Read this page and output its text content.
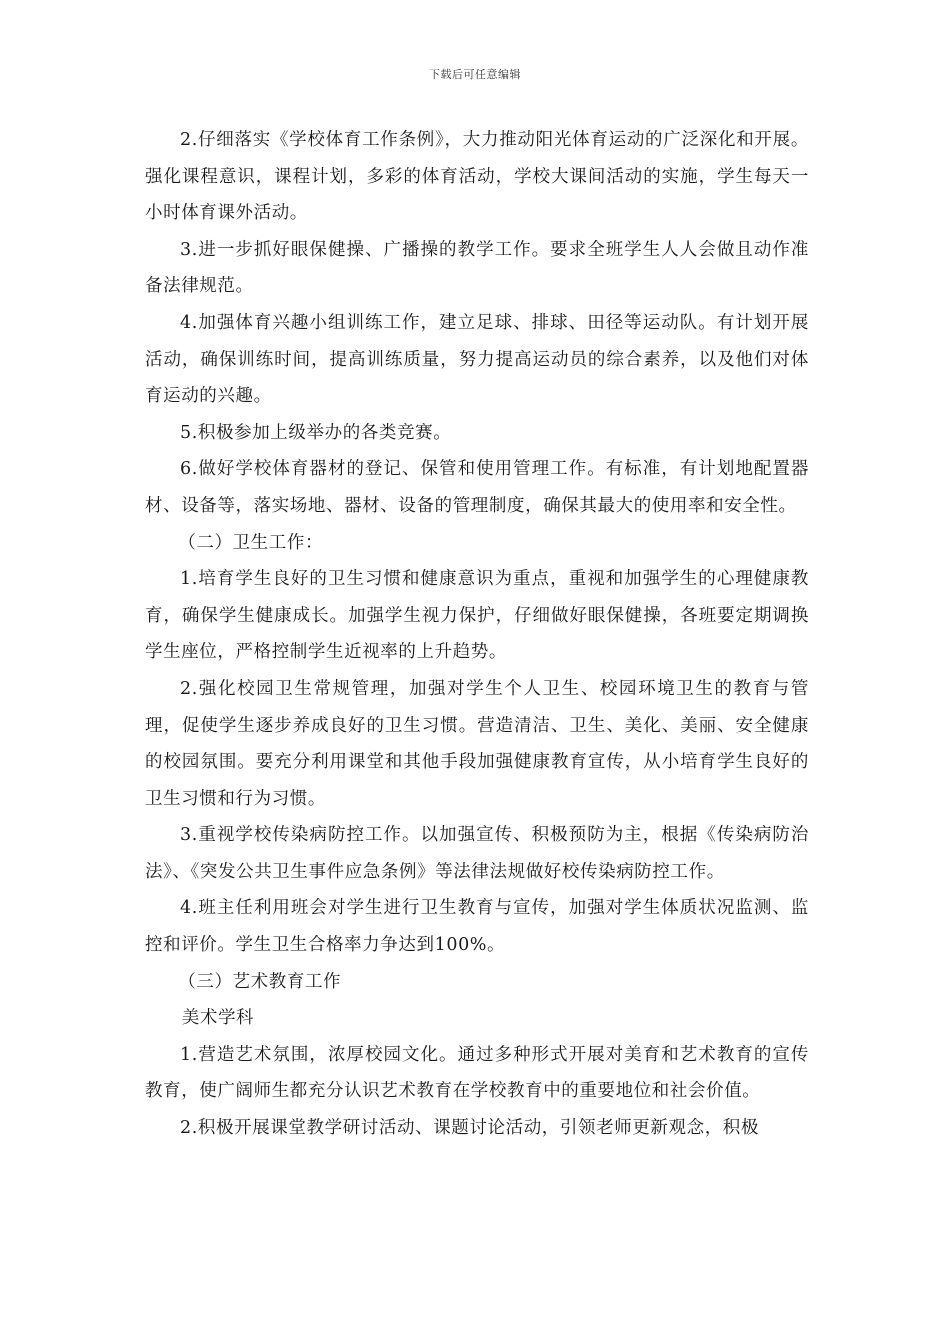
下载后可任意编辑

2.仔细落实《学校体育工作条例》，大力推动阳光体育运动的广泛深化和开展。强化课程意识，课程计划，多彩的体育活动，学校大课间活动的实施，学生每天一小时体育课外活动。

3.进一步抓好眼保健操、广播操的教学工作。要求全班学生人人会做且动作准备法律规范。

4.加强体育兴趣小组训练工作，建立足球、排球、田径等运动队。有计划开展活动，确保训练时间，提高训练质量，努力提高运动员的综合素养，以及他们对体育运动的兴趣。

5.积极参加上级举办的各类竞赛。

6.做好学校体育器材的登记、保管和使用管理工作。有标准，有计划地配置器材、设备等，落实场地、器材、设备的管理制度，确保其最大的使用率和安全性。

（二）卫生工作：

1.培育学生良好的卫生习惯和健康意识为重点，重视和加强学生的心理健康教育，确保学生健康成长。加强学生视力保护，仔细做好眼保健操，各班要定期调换学生座位，严格控制学生近视率的上升趋势。

2.强化校园卫生常规管理，加强对学生个人卫生、校园环境卫生的教育与管理，促使学生逐步养成良好的卫生习惯。营造清洁、卫生、美化、美丽、安全健康的校园氛围。要充分利用课堂和其他手段加强健康教育宣传，从小培育学生良好的卫生习惯和行为习惯。

3.重视学校传染病防控工作。以加强宣传、积极预防为主，根据《传染病防治法》、《突发公共卫生事件应急条例》等法律法规做好校传染病防控工作。

4.班主任利用班会对学生进行卫生教育与宣传，加强对学生体质状况监测、监控和评价。学生卫生合格率力争达到100%。

（三）艺术教育工作

美术学科

1.营造艺术氛围，浓厚校园文化。通过多种形式开展对美育和艺术教育的宣传教育，使广阔师生都充分认识艺术教育在学校教育中的重要地位和社会价值。

2.积极开展课堂教学研讨活动、课题讨论活动，引领老师更新观念，积极
